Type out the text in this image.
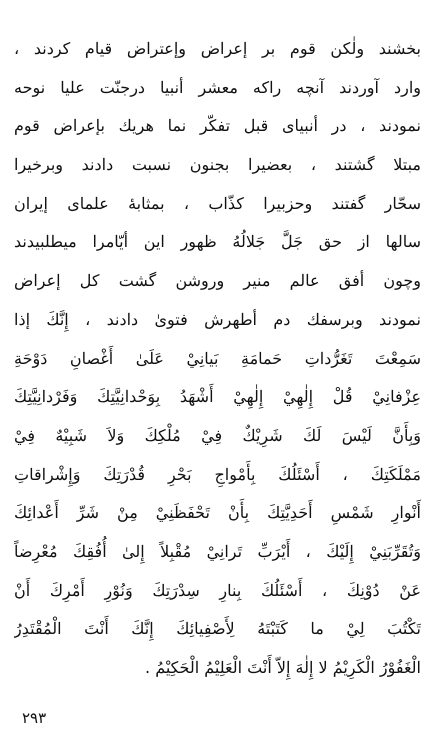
بخشند ولٰكن قوم بر إعراض وإعتراض قيام كردند ،
وارد آوردند آنچه راكه معشر أنبيا درجنّت عليا نوحه
نمودند ، در أنبياى قبل تفكّر نما هريك بإعراض قوم
مبتلا گشتند ، بعضيرا بجنون نسبت دادند وبرخيرا
سحّار گفتند وحزبيرا كذّاب ، بمثابهٔ علماى إيران
سالها از حق جَلَّ جَلالُهُ ظهور اين أيّامرا ميطلبيدند
وچون أفق عالم منير وروشن گشت كل إعراض
نمودند وبرسفك دم أطهرش فتوىٰ دادند ، إِنَّكَ إذا
سَمِعْتَ تَغَرُّداتِ حَمامَةِ بَيانِيْ عَلَىٰ أَغْصانِ دَوْحَةِ
عِزْفانِيْ قُلْ إِلٰهِيْ إِلٰهِيْ أَشْهَدُ بِوَحْدانِيَّتِكَ وَفَرْدانِيَّتِكَ
وَبِأَنَّ لَيْسَ لَكَ شَرِيْكٌ فِيْ مُلْكِكَ وَلاَ شَبِيْهٌ فِيْ
مَمْلَكَتِكَ ، أَسْئَلُكَ بِأَمْواجِ بَحْرِ قُدْرَتِكَ وَإِشْراقاتِ
أَنْوارِ شَمْسِ أَحَدِيَّتِكَ بِأَنْ تَحْفَظَنِيْ مِنْ شَرِّ أَعْدائِكَ
وَتُقَرِّبَنِيْ إِلَيْكَ ، أَيْرَبِّ تَرانِيْ مُقْبِلاً إِلىٰ أُفُقِكَ مُعْرِضاً
عَنْ دُوْنِكَ ، أَسْئَلُكَ بِنارِ سِدْرَتِكَ وَنُوْرِ أَمْرِكَ أَنْ
تَكْتُبَ لِيْ ما كَتَبْتَهُ لِأَصْفِيائِكَ إِنَّكَ أَنْتَ الْمُقْتَدِرُ
الْغَفُوْرُ الْكَرِيْمُ لا إِلٰهَ إِلاّ أَنْتَ الْعَلِيْمُ الْحَكِيْمُ .
٢٩٣
